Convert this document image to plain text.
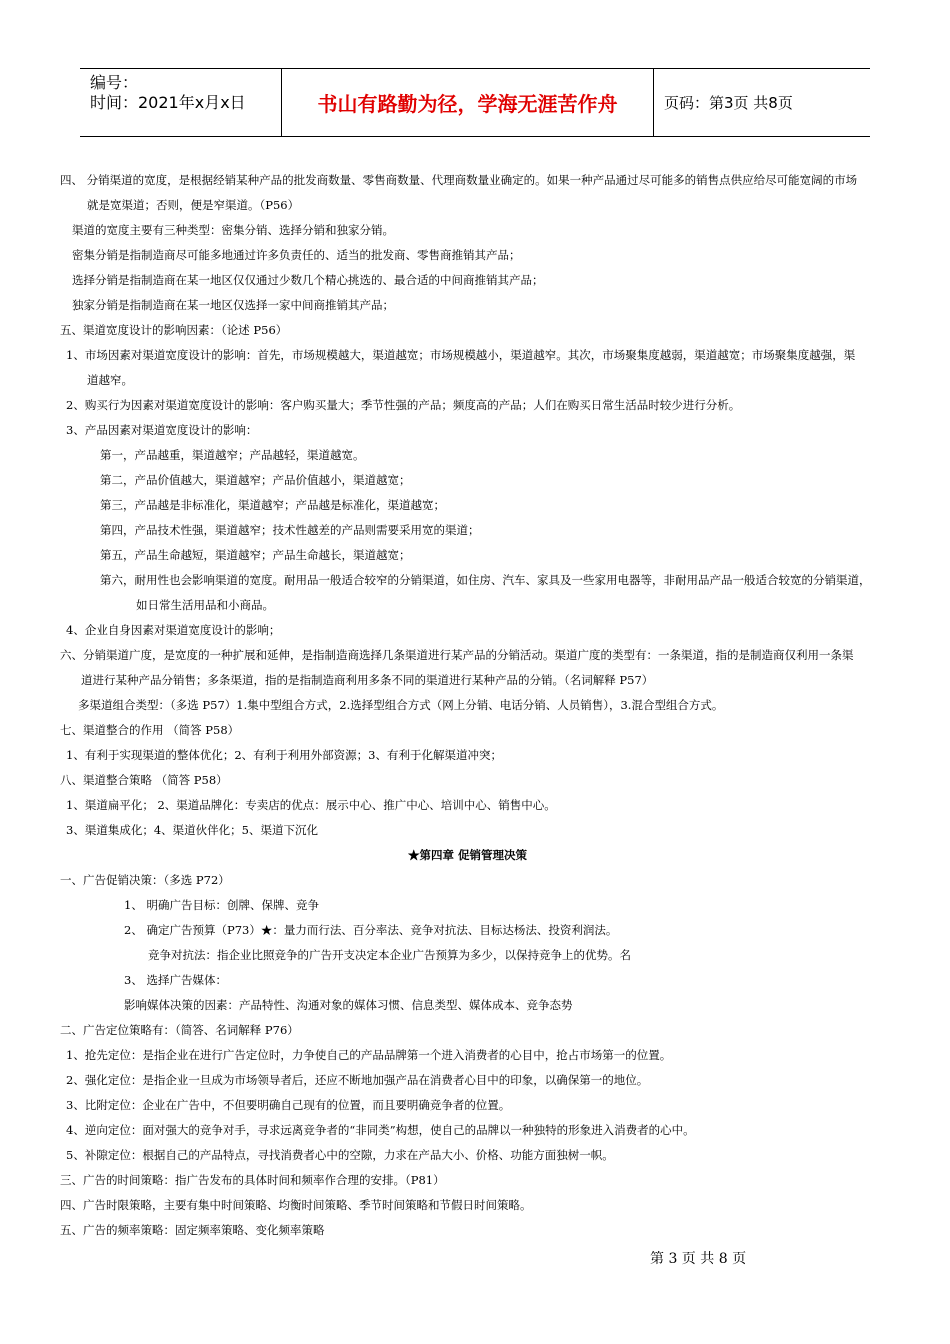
编号：
时间：2021年x月x日	书山有路勤为径，学海无涯苦作舟	页码：第3页 共8页
四、 分销渠道的宽度，是根据经销某种产品的批发商数量、零售商数量、代理商数量业确定的。如果一种产品通过尽可能多的销售点供应给尽可能宽阔的市场
就是宽渠道；否则，便是窄渠道。（P56）
渠道的宽度主要有三种类型：密集分销、选择分销和独家分销。
密集分销是指制造商尽可能多地通过许多负责任的、适当的批发商、零售商推销其产品；
选择分销是指制造商在某一地区仅仅通过少数几个精心挑选的、最合适的中间商推销其产品；
独家分销是指制造商在某一地区仅选择一家中间商推销其产品；
五、渠道宽度设计的影响因素：（论述 P56）
1、市场因素对渠道宽度设计的影响：首先，市场规模越大，渠道越宽；市场规模越小，渠道越窄。其次，市场聚集度越弱，渠道越宽；市场聚集度越强，渠
道越窄。
2、购买行为因素对渠道宽度设计的影响：客户购买量大；季节性强的产品；频度高的产品；人们在购买日常生活品时较少进行分析。
3、产品因素对渠道宽度设计的影响：
第一，产品越重，渠道越窄；产品越轻，渠道越宽。
第二，产品价值越大，渠道越窄；产品价值越小，渠道越宽；
第三，产品越是非标准化，渠道越窄；产品越是标准化，渠道越宽；
第四，产品技术性强，渠道越窄；技术性越差的产品则需要采用宽的渠道；
第五，产品生命越短，渠道越窄；产品生命越长，渠道越宽；
第六，耐用性也会影响渠道的宽度。耐用品一般适合较窄的分销渠道，如住房、汽车、家具及一些家用电器等，非耐用品产品一般适合较宽的分销渠道，
如日常生活用品和小商品。
4、企业自身因素对渠道宽度设计的影响；
六、分销渠道广度，是宽度的一种扩展和延伸，是指制造商选择几条渠道进行某产品的分销活动。渠道广度的类型有：一条渠道，指的是制造商仅利用一条渠
道进行某种产品分销售；多条渠道，指的是指制造商利用多条不同的渠道进行某种产品的分销。（名词解释 P57）
多渠道组合类型：（多选 P57）1.集中型组合方式，2.选择型组合方式（网上分销、电话分销、人员销售），3.混合型组合方式。
七、渠道整合的作用 （简答 P58）
1、有利于实现渠道的整体优化；2、有利于利用外部资源；3、有利于化解渠道冲突；
八、渠道整合策略 （简答 P58）
1、渠道扁平化； 2、渠道品牌化：专卖店的优点：展示中心、推广中心、培训中心、销售中心。
3、渠道集成化；4、渠道伙伴化；5、渠道下沉化
★第四章 促销管理决策
一、广告促销决策：（多选 P72）
1、 明确广告目标：创牌、保牌、竞争
2、 确定广告预算（P73）★：量力而行法、百分率法、竞争对抗法、目标达杨法、投资利润法。
竞争对抗法：指企业比照竞争的广告开支决定本企业广告预算为多少，以保持竞争上的优势。名
3、 选择广告媒体：
影响媒体决策的因素：产品特性、沟通对象的媒体习惯、信息类型、媒体成本、竞争态势
二、广告定位策略有：（简答、名词解释 P76）
1、抢先定位：是指企业在进行广告定位时，力争使自己的产品品牌第一个进入消费者的心目中，抢占市场第一的位置。
2、强化定位：是指企业一旦成为市场领导者后，还应不断地加强产品在消费者心目中的印象，以确保第一的地位。
3、比附定位：企业在广告中，不但要明确自己现有的位置，而且要明确竞争者的位置。
4、逆向定位：面对强大的竞争对手，寻求远离竞争者的“非同类”构想，使自己的品牌以一种独特的形象进入消费者的心中。
5、补隙定位：根据自己的产品特点，寻找消费者心中的空隙，力求在产品大小、价格、功能方面独树一帜。
三、广告的时间策略：指广告发布的具体时间和频率作合理的安排。（P81）
四、广告时限策略，主要有集中时间策略、均衡时间策略、季节时间策略和节假日时间策略。
五、广告的频率策略：固定频率策略、变化频率策略
第 3 页 共 8 页
